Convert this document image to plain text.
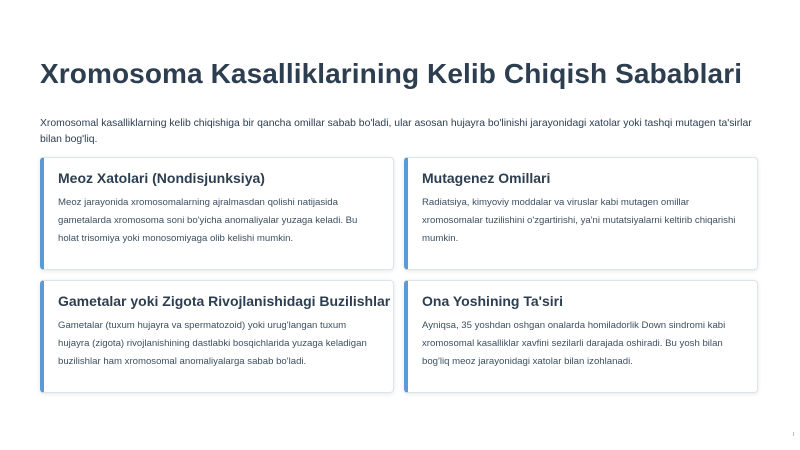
Xromosoma Kasalliklarining Kelib Chiqish Sabablari

Xromosomal kasalliklarning kelib chiqishiga bir qancha omillar sabab bo'ladi, ular asosan hujayra bo'linishi jarayonidagi xatolar yoki tashqi mutagen ta'sirlar bilan bog'liq.

Meoz Xatolari (Nondisjunksiya)
Meoz jarayonida xromosomalarning ajralmasdan qolishi natijasida gametalarda xromosoma soni bo'yicha anomaliyalar yuzaga keladi. Bu holat trisomiya yoki monosomiyaga olib kelishi mumkin.
Mutagenez Omillari
Radiatsiya, kimyoviy moddalar va viruslar kabi mutagen omillar xromosomalar tuzilishini o'zgartirishi, ya'ni mutatsiyalarni keltirib chiqarishi mumkin.
Gametalar yoki Zigota Rivojlanishidagi Buzilishlar
Gametalar (tuxum hujayra va spermatozoid) yoki urug'langan tuxum hujayra (zigota) rivojlanishining dastlabki bosqichlarida yuzaga keladigan buzilishlar ham xromosomal anomaliyalarga sabab bo'ladi.
Ona Yoshining Ta'siri
Ayniqsa, 35 yoshdan oshgan onalarda homiladorlik Down sindromi kabi xromosomal kasalliklar xavfini sezilarli darajada oshiradi. Bu yosh bilan bog'liq meoz jarayonidagi xatolar bilan izohlanadi.
